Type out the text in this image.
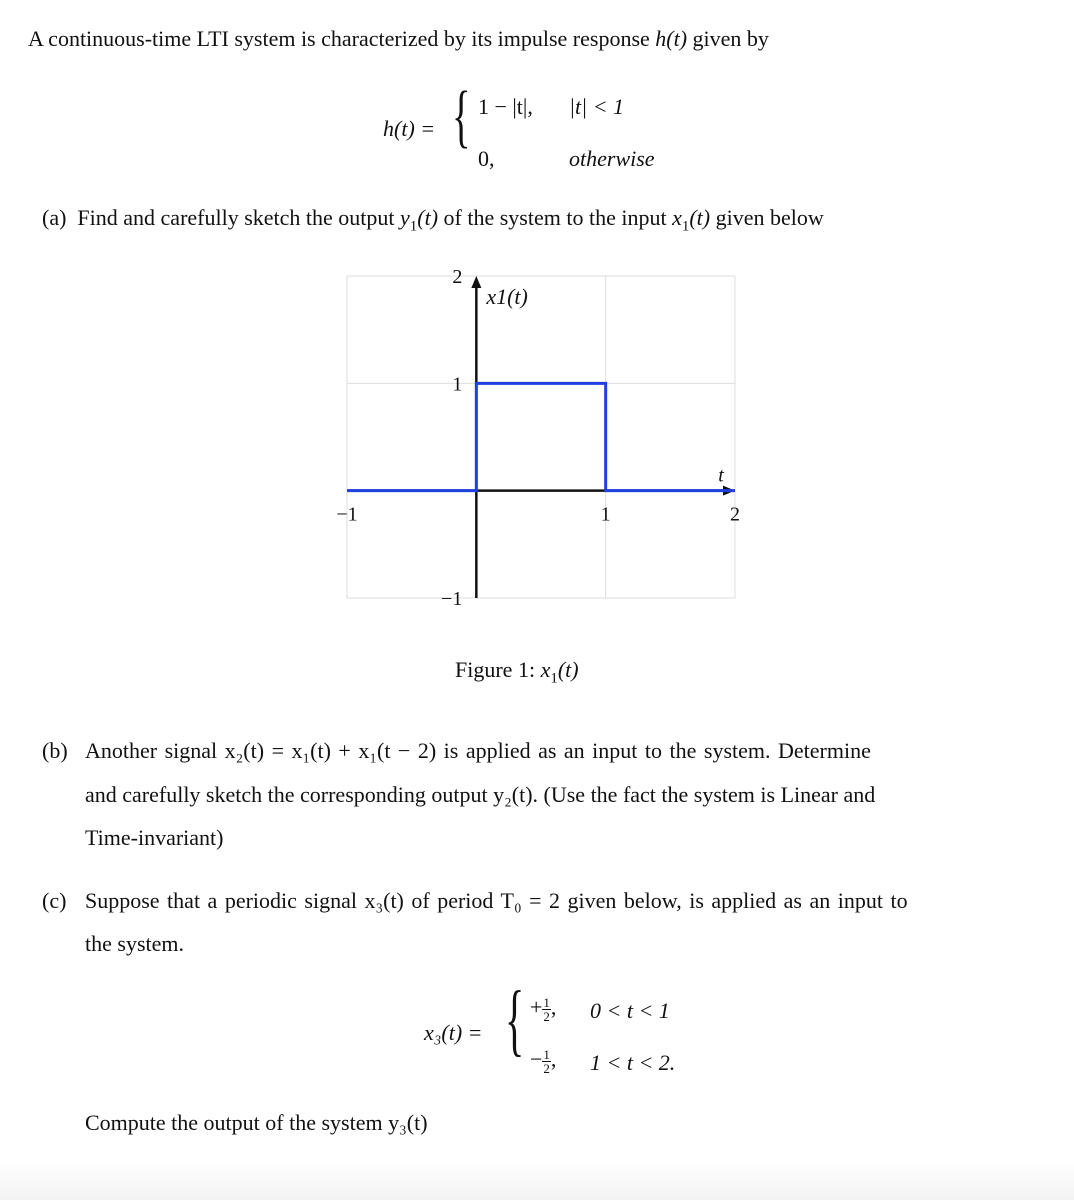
A continuous-time LTI system is characterized by its impulse response h(t) given by
h(t) = { 1 − |t|, |t| < 1
0,	otherwise
(a) Find and carefully sketch the output $y_1(t)$ of the system to the input $x_1(t)$ given below
−1	1	2
2
1
−1
t
x1(t)
Figure 1: $x_1(t)$
(b) Another signal x₂(t) = x₁(t) + x₁(t − 2) is applied as an input to the system. Determine
and carefully sketch the corresponding output y₂(t). (Use the fact the system is Linear and
Time-invariant)
(c) Suppose that a periodic signal x₃(t) of period T₀ = 2 given below, is applied as an input to
the system.
x₃(t) = { + $\frac{1}{2}$ , 0 < t < 1
− $\frac{1}{2}$ , 1 < t < 2.
Compute the output of the system y₃(t)
